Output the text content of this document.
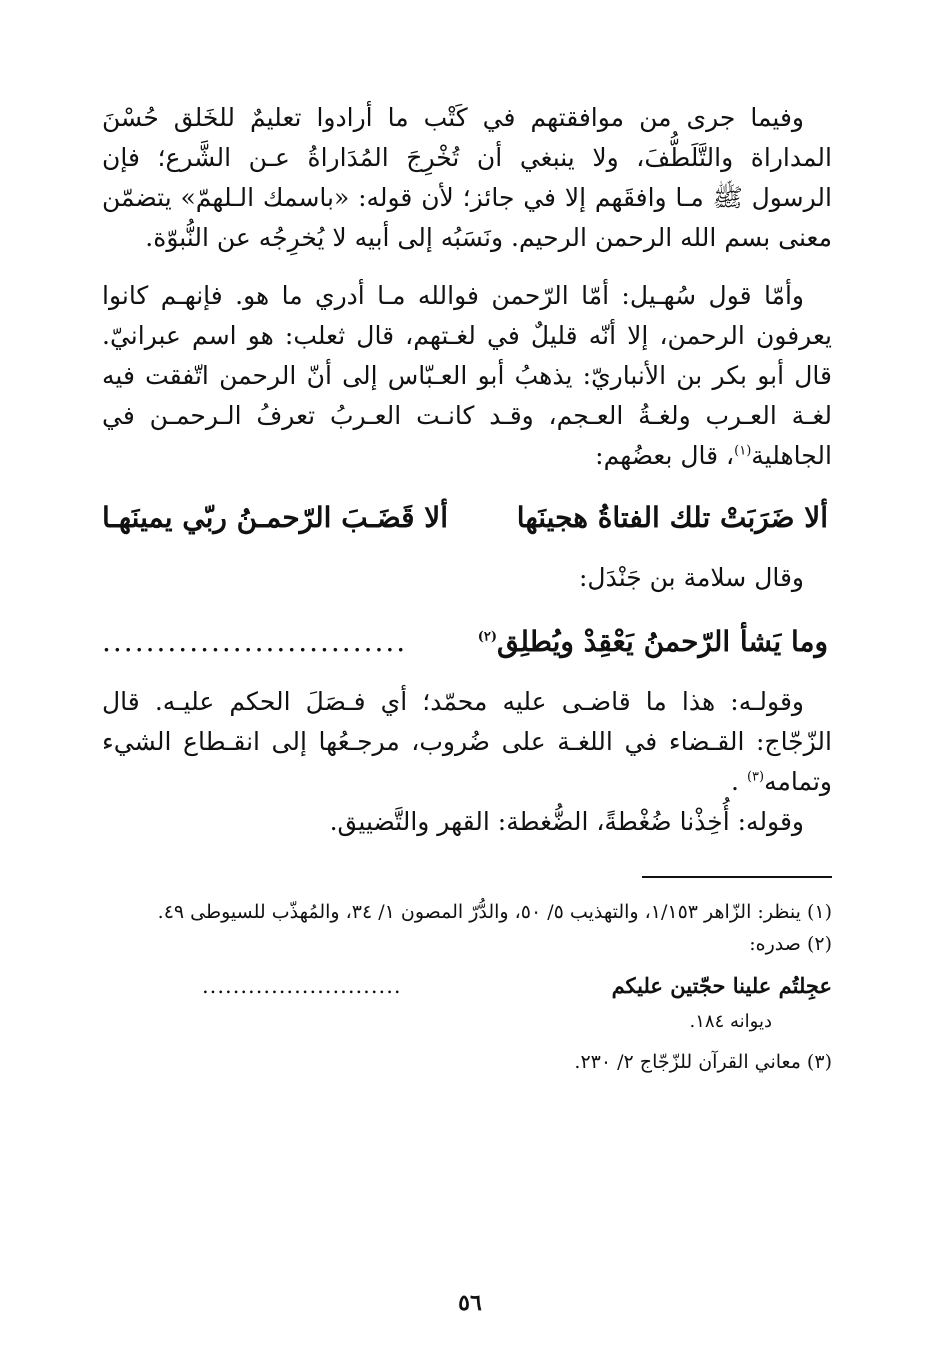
وفيما جرى من موافقتهم في كَتْب ما أرادوا تعليمٌ للخَلق حُسْنَ المداراة والتَّلَطُّفَ، ولا ينبغي أن تُخْرِجَ المُدَاراةُ عـن الشَّرع؛ فإن الرسول ﷺ مـا وافقَهم إلا في جائز؛ لأن قوله: «باسمك الـلهمّ» يتضمّن معنى بسم الله الرحمن الرحيم. ونَسَبُه إلى أبيه لا يُخرِجُه عن النُّبوّة.

وأمّا قول سُهـيل: أمّا الرّحمن فوالله مـا أدري ما هو. فإنهـم كانوا يعرفون الرحمن، إلا أنّه قليلٌ في لغـتهم، قال ثعلب: هو اسم عبرانيّ. قال أبو بكر بن الأنباريّ: يذهبُ أبو العـبّاس إلى أنّ الرحمن اتّفقت فيه لغـة العـرب ولغـةُ العـجم، وقـد كانـت العـربُ تعرفُ الـرحمـن في الجاهلية$^{(١)}$، قال بعضُهم:

ألا ضَرَبَتْ تلك الفتاةُ هجينَها
ألا قَضَـبَ الرّحمـنُ ربّي يمينَهـا

وقال سلامة بن جَنْدَل:

وما يَشأ الرّحمنُ يَعْقِدْ ويُطلِق$^{(٢)}$
............................

وقولـه: هذا ما قاضـى عليه محمّد؛ أي فـصَلَ الحكم عليـه. قال الزّجّاج: القـضاء في اللغـة على ضُروب، مرجـعُها إلى انقـطاع الشيء وتمامه$^{(٣)}$ .

وقوله: أُخِذْنا ضُغْطةً، الضُّغطة: القهر والتَّضييق.

(١) ينظر: الزّاهر ١/١٥٣، والتهذيب ٥/ ٥٠، والدُّرّ المصون ١/ ٣٤، والمُهذّب للسيوطى ٤٩.

(٢) صدره:

عجِلتُم علينا حجّتين عليكم
..........................

ديوانه ١٨٤.

(٣) معاني القرآن للزّجّاج ٢/ ٢٣٠.

٥٦
